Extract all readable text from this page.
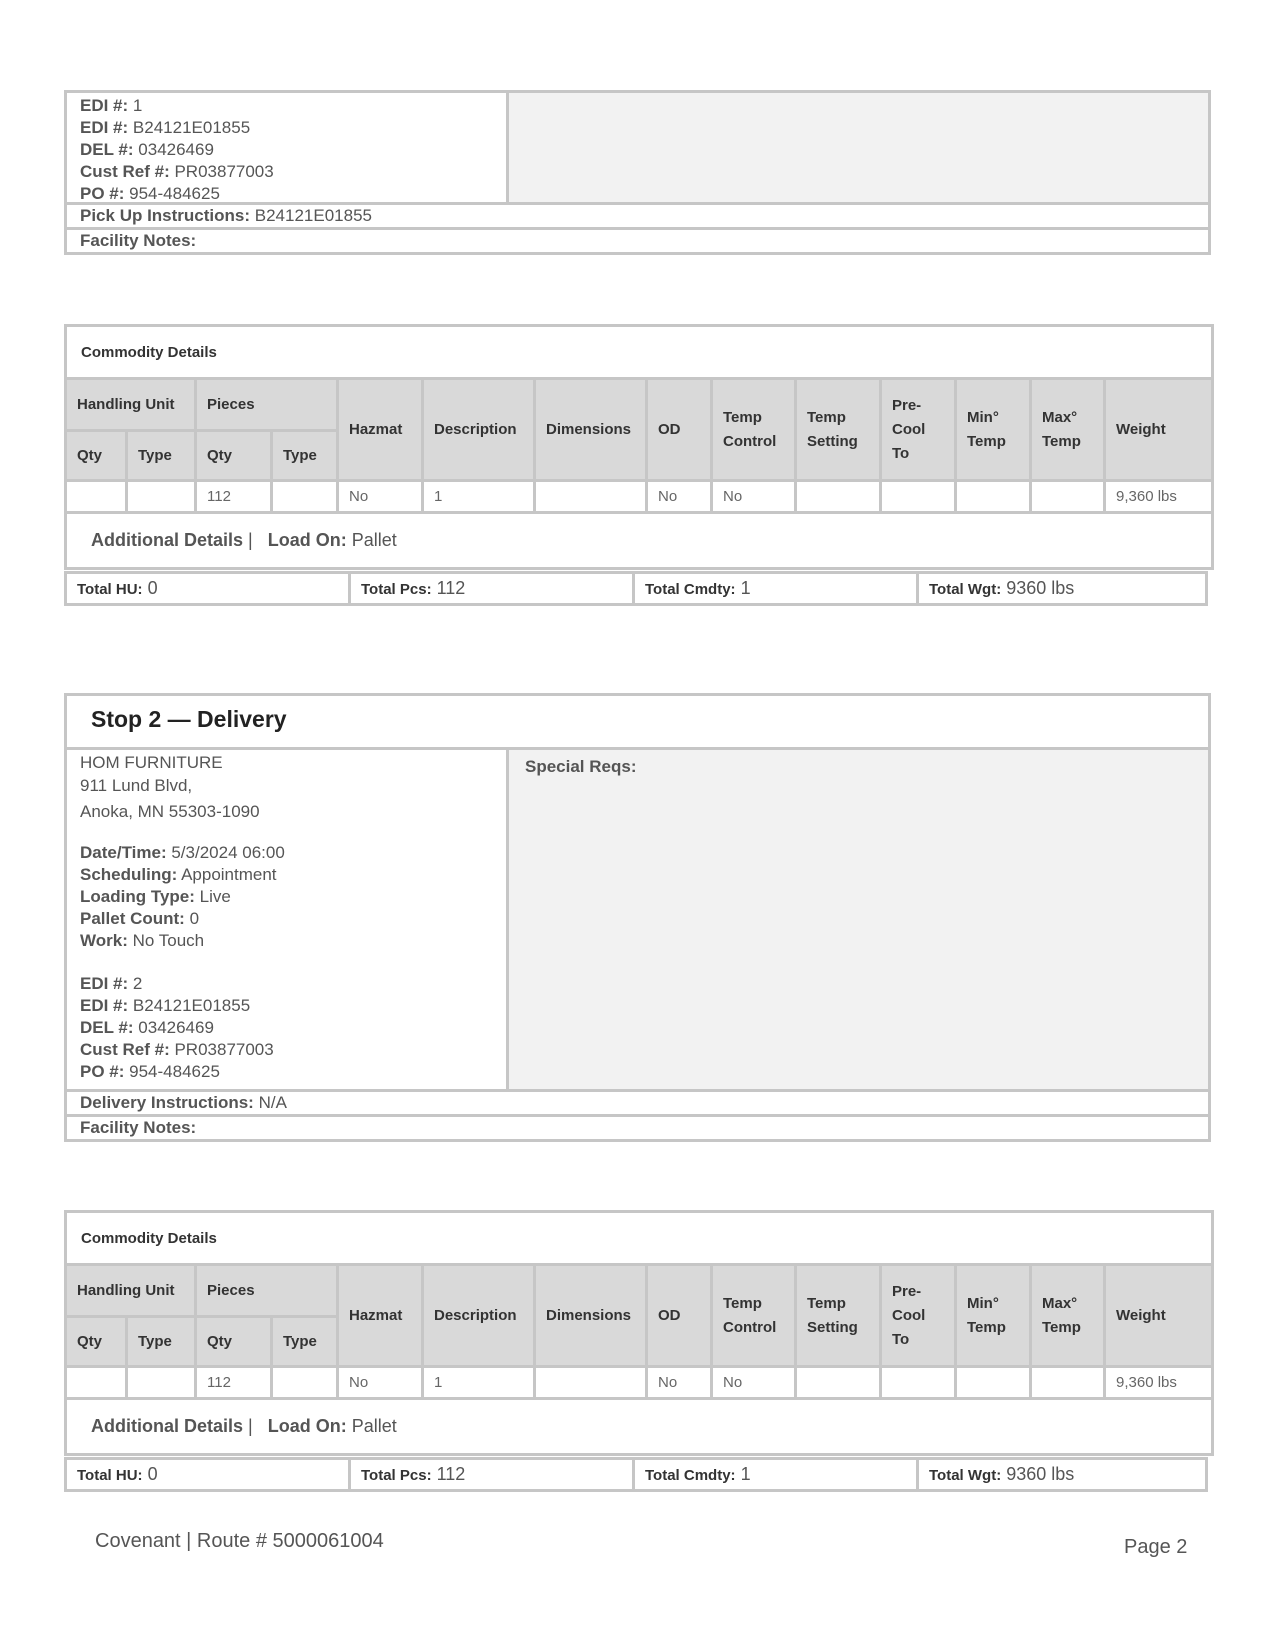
EDI #: 1
EDI #: B24121E01855
DEL #: 03426469
Cust Ref #: PR03877003
PO #: 954-484625
Pick Up Instructions: B24121E01855
Facility Notes:
Commodity Details													
Handling Unit		Pieces		Hazmat	Description	Dimensions	OD	Temp Control	Temp Setting	Pre-Cool To	Min° Temp	Max° Temp	Weight
Qty	Type	Qty	Type										
		112		No	1		No	No					9,360 lbs
Additional Details |   Load On: Pallet													
Total HU: 0	Total Pcs: 112	Total Cmdty: 1	Total Wgt: 9360 lbs
Stop 2 — Delivery
HOM FURNITURE
911 Lund Blvd,
Anoka, MN 55303-1090
Date/Time: 5/3/2024 06:00
Scheduling: Appointment
Loading Type: Live
Pallet Count: 0
Work: No Touch
EDI #: 2
EDI #: B24121E01855
DEL #: 03426469
Cust Ref #: PR03877003
PO #: 954-484625
Special Reqs:
Delivery Instructions: N/A
Facility Notes:
Commodity Details													
Handling Unit		Pieces		Hazmat	Description	Dimensions	OD	Temp Control	Temp Setting	Pre-Cool To	Min° Temp	Max° Temp	Weight
Qty	Type	Qty	Type										
		112		No	1		No	No					9,360 lbs
Additional Details |   Load On: Pallet													
Total HU: 0	Total Pcs: 112	Total Cmdty: 1	Total Wgt: 9360 lbs
Covenant | Route # 5000061004	Page 2
